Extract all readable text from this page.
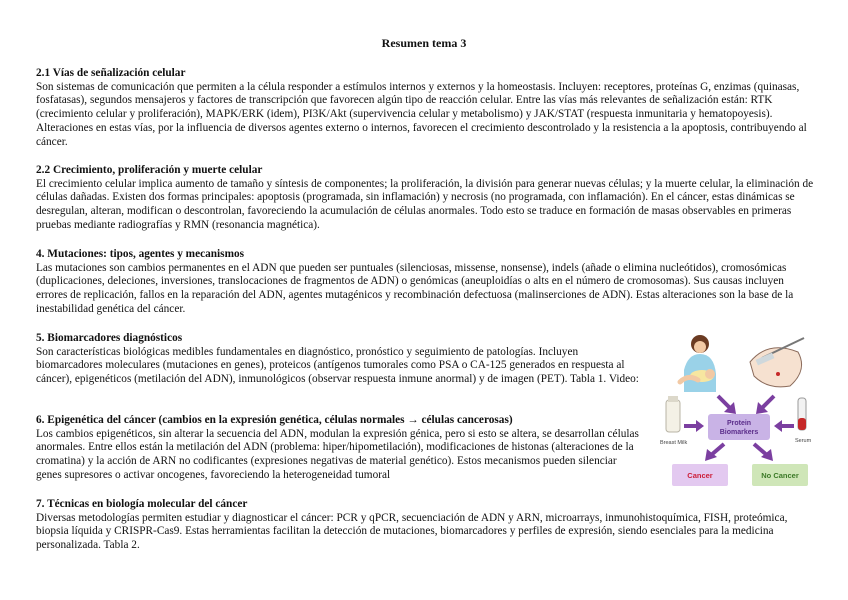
Resumen tema 3
2.1 Vías de señalización celular

Son sistemas de comunicación que permiten a la célula responder a estímulos internos y externos y la homeostasis. Incluyen: receptores, proteínas G, enzimas (quinasas, fosfatasas), segundos mensajeros y factores de transcripción que favorecen algún tipo de reacción celular. Entre las vías más relevantes de señalización están: RTK (crecimiento celular y proliferación), MAPK/ERK (idem), PI3K/Akt (supervivencia celular y metabolismo) y JAK/STAT (respuesta inmunitaria y hematopoyesis). Alteraciones en estas vías, por la influencia de diversos agentes externo o internos, favorecen el crecimiento descontrolado y la resistencia a la apoptosis, contribuyendo al cáncer.

2.2 Crecimiento, proliferación y muerte celular

El crecimiento celular implica aumento de tamaño y síntesis de componentes; la proliferación, la división para generar nuevas células; y la muerte celular, la eliminación de células dañadas. Existen dos formas principales: apoptosis (programada, sin inflamación) y necrosis (no programada, con inflamación). En el cáncer, estas dinámicas se desregulan, alteran, modifican o descontrolan, favoreciendo la acumulación de células anormales. Todo esto se traduce en formación de masas observables en primeras pruebas mediante radiografías y RMN (resonancia magnética).

4. Mutaciones: tipos, agentes y mecanismos

Las mutaciones son cambios permanentes en el ADN que pueden ser puntuales (silenciosas, missense, nonsense), indels (añade o elimina nucleótidos), cromosómicas (duplicaciones, deleciones, inversiones, translocaciones de fragmentos de ADN) o genómicas (aneuploidías o alts en el número de cromosomas). Sus causas incluyen errores de replicación, fallos en la reparación del ADN, agentes mutagénicos y recombinación defectuosa (malinserciones de ADN). Estas alteraciones son la base de la inestabilidad genética del cáncer.

5. Biomarcadores diagnósticos

Son características biológicas medibles fundamentales en diagnóstico, pronóstico y seguimiento de patologías. Incluyen biomarcadores moleculares (mutaciones en genes), proteicos (antígenos tumorales como PSA o CA-125 generados en respuesta al cáncer), epigenéticos (metilación del ADN), inmunológicos (observar respuesta inmune anormal) y de imagen (PET). Tabla 1. Video:

6. Epigenética del cáncer (cambios en la expresión genética, células normales → células cancerosas)

Los cambios epigenéticos, sin alterar la secuencia del ADN, modulan la expresión génica, pero si esto se altera, se desarrollan células anormales. Entre ellos están la metilación del ADN (problema: hiper/hipometilación), modificaciones de histonas (alteraciones de la cromatina) y la acción de ARN no codificantes (expresiones negativas de material genético). Estos mecanismos pueden silenciar genes supresores o activar oncogenes, favoreciendo la heterogeneidad tumoral

7. Técnicas en biología molecular del cáncer

Diversas metodologías permiten estudiar y diagnosticar el cáncer: PCR y qPCR, secuenciación de ADN y ARN, microarrays, inmunohistoquímica, FISH, proteómica, biopsia líquida y CRISPR-Cas9. Estas herramientas facilitan la detección de mutaciones, biomarcadores y perfiles de expresión, siendo esenciales para la medicina personalizada. Tabla 2.

Breast Milk	Serum
Protein
Biomarkers
Cancer	No Cancer
